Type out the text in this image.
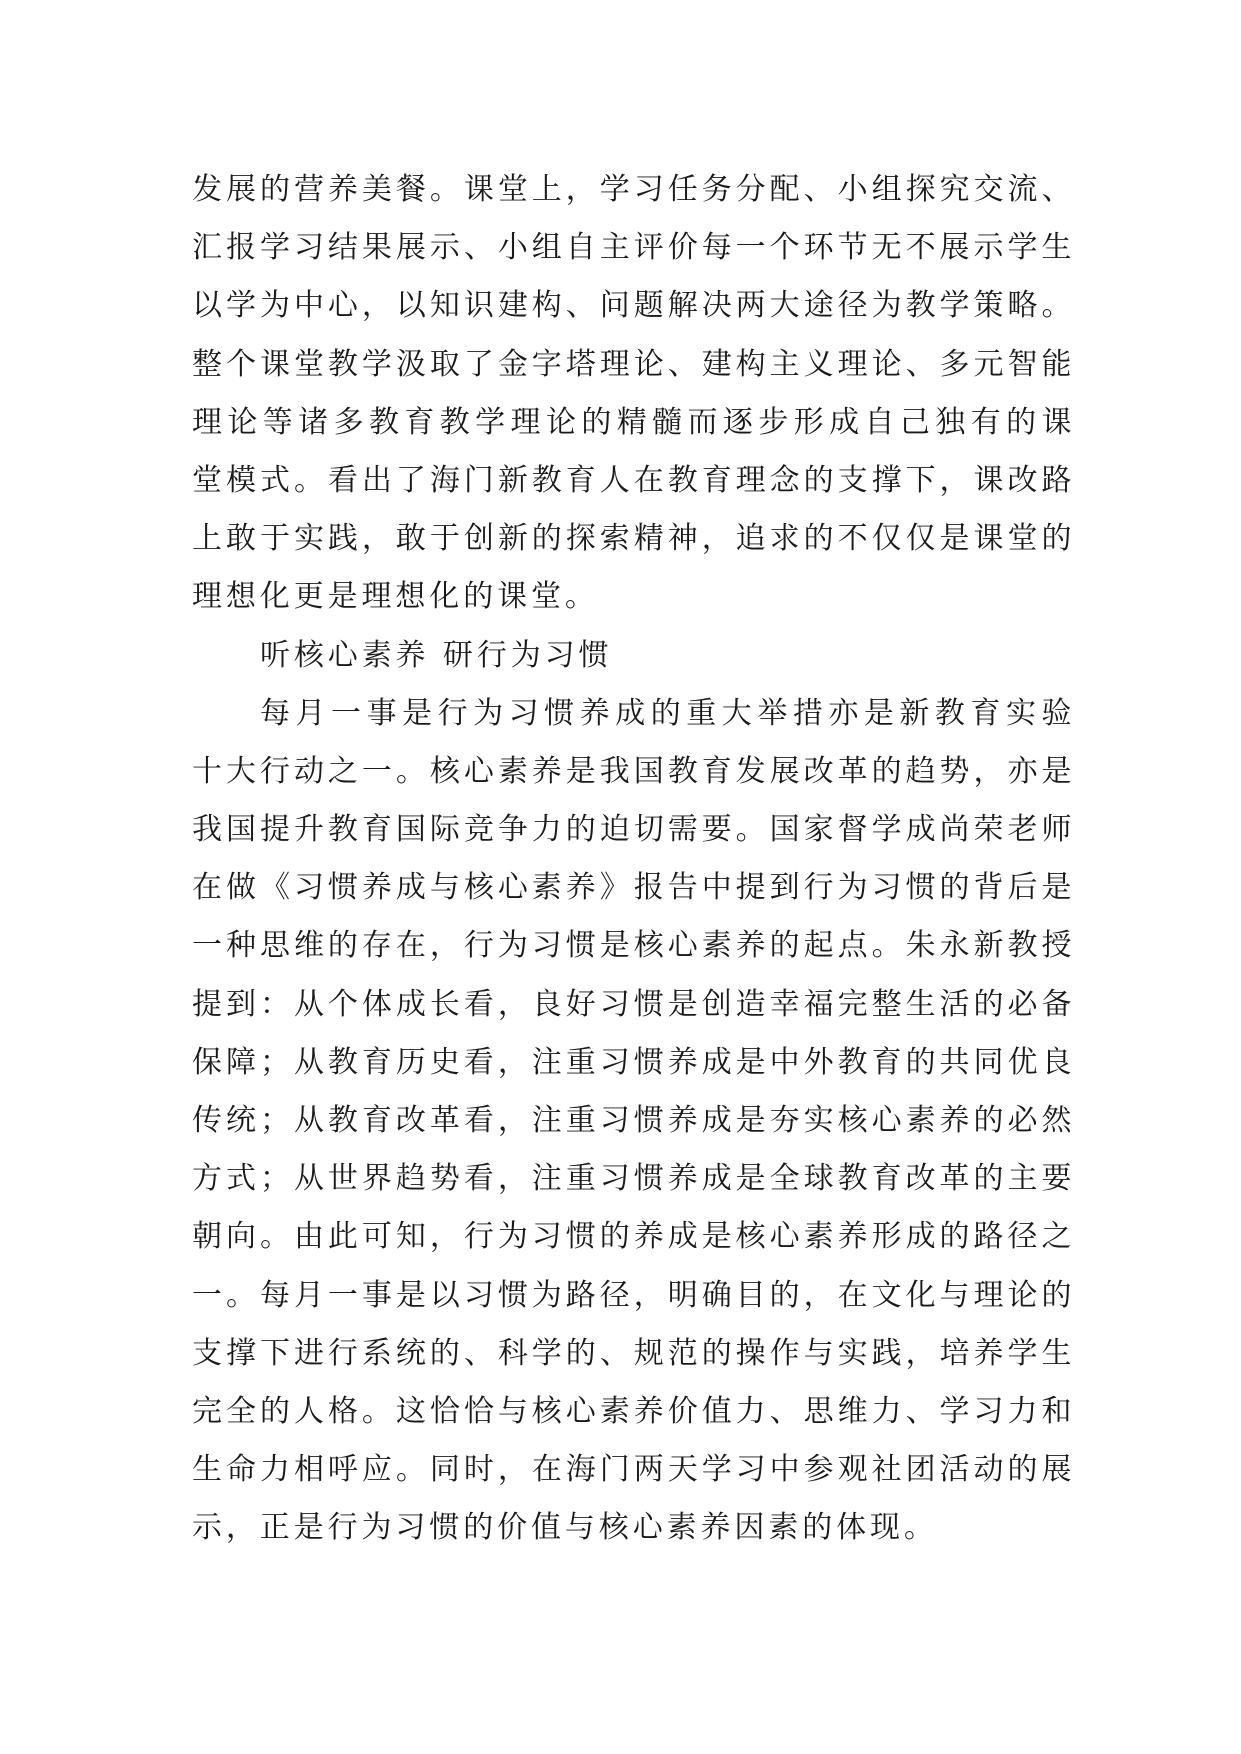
发展的营养美餐。课堂上，学习任务分配、小组探究交流、
汇报学习结果展示、小组自主评价每一个环节无不展示学生
以学为中心，以知识建构、问题解决两大途径为教学策略。
整个课堂教学汲取了金字塔理论、建构主义理论、多元智能
理论等诸多教育教学理论的精髓而逐步形成自己独有的课
堂模式。看出了海门新教育人在教育理念的支撑下，课改路
上敢于实践，敢于创新的探索精神，追求的不仅仅是课堂的
理想化更是理想化的课堂。
听核心素养 研行为习惯
每月一事是行为习惯养成的重大举措亦是新教育实验
十大行动之一。核心素养是我国教育发展改革的趋势，亦是
我国提升教育国际竞争力的迫切需要。国家督学成尚荣老师
在做《习惯养成与核心素养》报告中提到行为习惯的背后是
一种思维的存在，行为习惯是核心素养的起点。朱永新教授
提到：从个体成长看，良好习惯是创造幸福完整生活的必备
保障；从教育历史看，注重习惯养成是中外教育的共同优良
传统；从教育改革看，注重习惯养成是夯实核心素养的必然
方式；从世界趋势看，注重习惯养成是全球教育改革的主要
朝向。由此可知，行为习惯的养成是核心素养形成的路径之
一。每月一事是以习惯为路径，明确目的，在文化与理论的
支撑下进行系统的、科学的、规范的操作与实践，培养学生
完全的人格。这恰恰与核心素养价值力、思维力、学习力和
生命力相呼应。同时，在海门两天学习中参观社团活动的展
示，正是行为习惯的价值与核心素养因素的体现。
